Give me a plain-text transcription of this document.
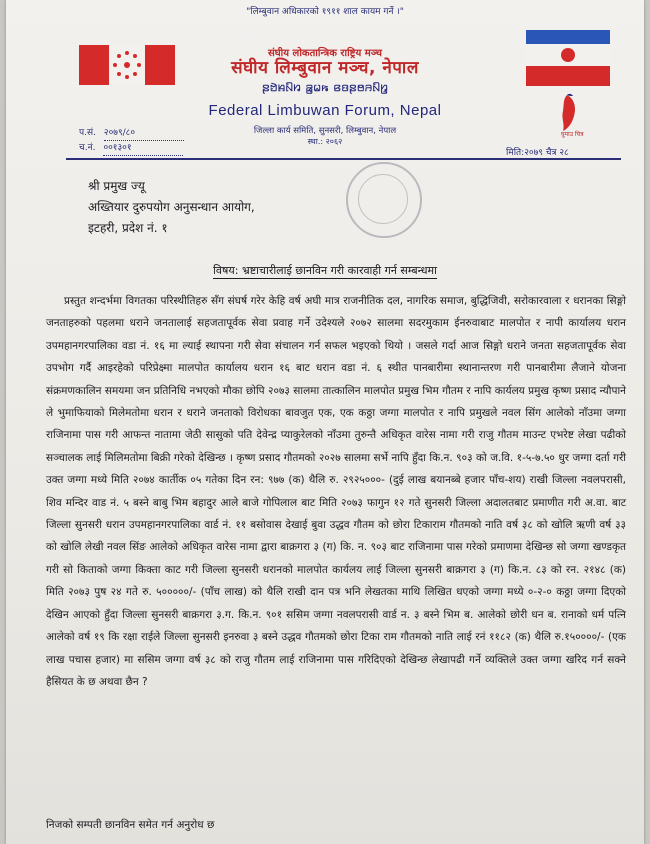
"लिम्बुवान अधिकारको १९११ शाल कायम गर्ने ।"
संघीय लोकतान्त्रिक राष्ट्रिय मञ्च
संघीय लिम्बुवान मञ्च, नेपाल
ꤔꤠꤧꤌꤡꤙ ꤁꤬ꤗꤒ ꤕꤢꤔꤥꤏꤡꤙ꤭
Federal Limbuwan Forum, Nepal
जिल्ला कार्य समिति, सुनसरी, लिम्बुवान, नेपाल
स्था.: २०६२
घुमाउ चित्र
प.सं. २०७९/८०
च.नं. ००१३०१	मिति:२०७९ चैत्र २८
श्री प्रमुख ज्यू
अख्तियार दुरुपयोग अनुसन्धान आयोग,
इटहरी, प्रदेश नं. १
विषय: भ्रष्टाचारीलाई छानविन गरी कारवाही गर्न सम्बन्धमा

प्रस्तुत शन्दर्भमा विगतका परिस्थीतिहरु सँग संघर्ष गरेर केहि वर्ष अघी मात्र राजनीतिक दल, नागरिक समाज, बुद्धिजिवी, सरोकारवाला र धरानका सिङ्गो जनताहरुको पहलमा धराने जनतालाई सहजतापूर्वक सेवा प्रवाह गर्ने उदेश्यले २०७२ सालमा सदरमुकाम ईनरुवाबाट मालपोत र नापी कार्यालय धरान उपमहानगरपालिका वडा नं. १६ मा ल्याई स्थापना गरी सेवा संचालन गर्न सफल भइएको थियो । जसले गर्दा आज सिङ्गो धराने जनता सहजतापूर्वक सेवा उपभोग गर्दै आइरहेको परिप्रेक्ष्मा मालपोत कार्यालय धरान १६ बाट धरान वडा नं. ६ स्थीत पानबारीमा स्थानान्तरण गरी पानबारीमा लैजाने योजना संक्रमणकालिन समयमा जन प्रतिनिधि नभएको मौका छोपि २०७३ सालमा तात्कालिन मालपोत प्रमुख भिम गौतम र नापि कार्यलय प्रमुख कृष्ण प्रसाद न्यौपाने ले भुमाफियाको मिलेमतोमा धरान र धराने जनताको विरोधका बावजुत एक, एक कठ्ठा जग्गा मालपोत र नापि प्रमुखले नवल सिंग आलेको नाँउमा जग्गा राजिनामा पास गरी आफन्त नातामा जेठी सासुको पति देवेन्द्र प्याकुरेलको नाँउमा तुरुन्तै अधिकृत वारेस नामा गरी राजु गौतम माउन्ट एभरेष्ट लेखा पढीको सञ्चालक लाई मिलिमतोमा बिक्री गरेको देखिन्छ । कृष्ण प्रसाद गौतमको २०२७ सालमा सर्भे नापि हुँदा कि.न. ९०३ को ज.वि. १-५-७.५० धुर जग्गा दर्ता गरी उक्त जग्गा मध्ये मिति २०७४ कार्तीक ०५ गतेका दिन रन: ९७७ (क) थैलि रु. २९२५०००- (दुई लाख बयानब्बे हजार पाँच-शय) राखी जिल्ला नवलपरासी, शिव मन्दिर वाड नं. ५ बस्ने बाबु भिम बहादुर आले बाजे गोपिलाल बाट मिति २०७३ फागुन १२ गते सुनसरी जिल्ला अदालतबाट प्रमाणीत गरी अ.वा. बाट जिल्ला सुनसरी धरान उपमहानगरपालिका वार्ड नं. ११ बसोवास देखाई बुवा उद्धव गौतम को छोरा टिकाराम गौतमको नाति वर्ष ३८ को खोलि ऋणी वर्ष ३३ को खोलि लेखी नवल सिंङ आलेको अधिकृत वारेस नामा द्वारा बाक्रगरा ३ (ग) कि. न. ९०३ बाट राजिनामा पास गरेको प्रमाणमा देखिन्छ सो जग्गा खण्डकृत गरी सो किताको जग्गा किक्ता काट गरी जिल्ला सुनसरी धरानको मालपोत कार्यलय लाई जिल्ला सुनसरी बाक्रगरा ३ (ग) कि.न. ८३ को रन. २१४८ (क) मिति २०७३ पुष २४ गते रु. ५०००००/- (पाँच लाख) को थैलि राखी दान पत्र भनि लेखतका माथि लिखित धएको जग्गा मध्ये ०-२-० कठ्ठा जग्गा दिएको देखिन आएको हुँदा जिल्ला सुनसरी बाक्रगरा ३.ग. कि.न. ९०१ ससिम जग्गा नवलपरासी वार्ड न. ३ बस्ने भिम ब. आलेको छोरी धन ब. रानाको धर्म पत्नि आलेको वर्ष १९ कि रक्षा राईले जिल्ला सुनसरी इनरुवा ३ बस्ने उद्धव गौतमको छोरा टिका राम गौतमको नाति लाई रनं ११८२ (क) थैलि रु.१५००००/- (एक लाख पचास हजार) मा ससिम जग्गा वर्ष ३८ को राजु गौतम लाई राजिनामा पास गरिदिएको देखिन्छ लेखापढी गर्ने व्यक्तिले उक्त जग्गा खरिद गर्न सक्ने हैसियत के छ अथवा छैन ?

निजको सम्पती छानविन समेत गर्न अनुरोध छ
